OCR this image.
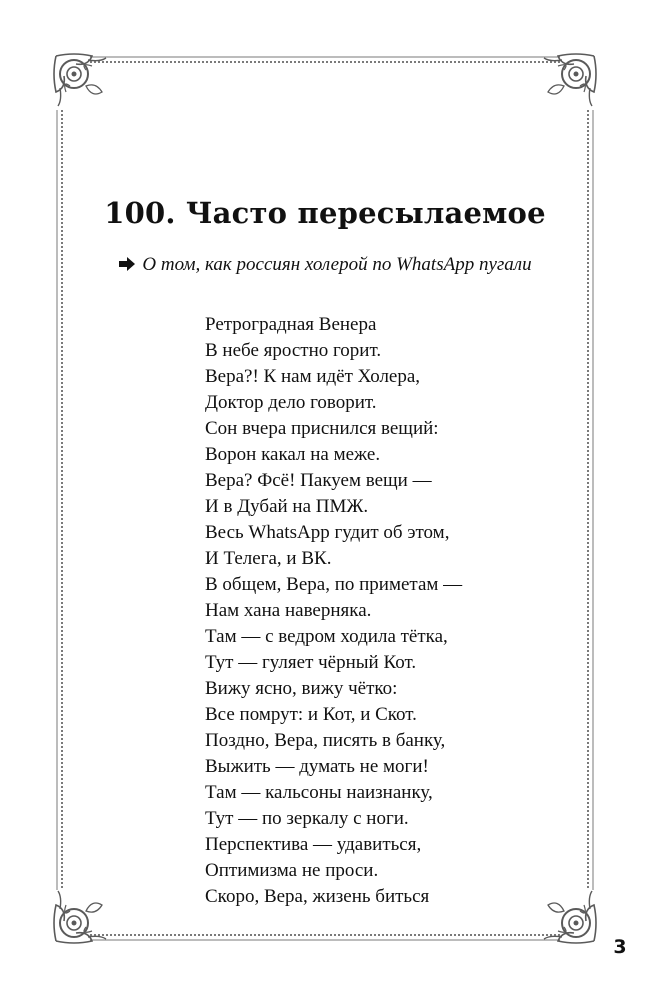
100. Часто пересылаемое
О том, как россиян холерой по WhatsApp пугали
Ретроградная Венера
В небе яростно горит.
Вера?! К нам идёт Холера,
Доктор дело говорит.
Сон вчера приснился вещий:
Ворон какал на меже.
Вера? Фсё! Пакуем вещи —
И в Дубай на ПМЖ.
Весь WhatsApp гудит об этом,
И Телега, и ВК.
В общем, Вера, по приметам —
Нам хана наверняка.
Там — с ведром ходила тётка,
Тут — гуляет чёрный Кот.
Вижу ясно, вижу чётко:
Все помрут: и Кот, и Скот.
Поздно, Вера, писять в банку,
Выжить — думать не моги!
Там — кальсоны наизнанку,
Тут — по зеркалу с ноги.
Перспектива — удавиться,
Оптимизма не проси.
Скоро, Вера, жизень биться
3
